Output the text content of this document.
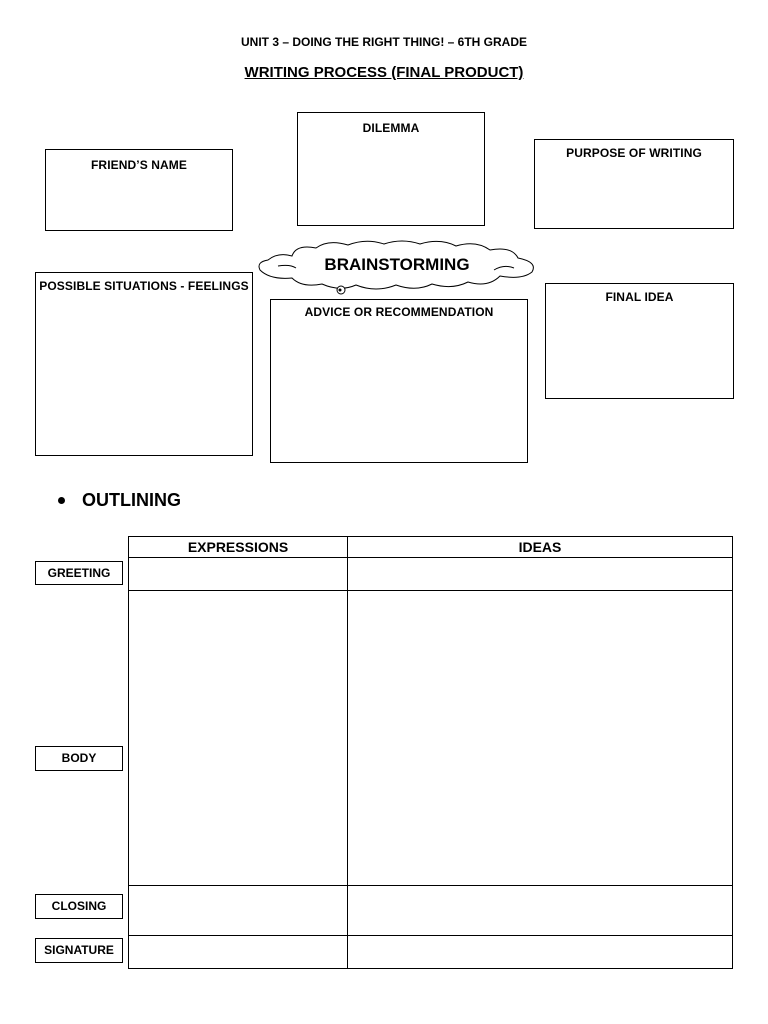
UNIT 3 – DOING THE RIGHT THING! – 6TH GRADE
WRITING PROCESS (FINAL PRODUCT)
DILEMMA
FRIEND’S NAME
PURPOSE OF WRITING
POSSIBLE SITUATIONS - FEELINGS
ADVICE OR RECOMMENDATION
FINAL IDEA
BRAINSTORMING
OUTLINING
EXPRESSIONS	IDEAS

GREETING
BODY
CLOSING
SIGNATURE
